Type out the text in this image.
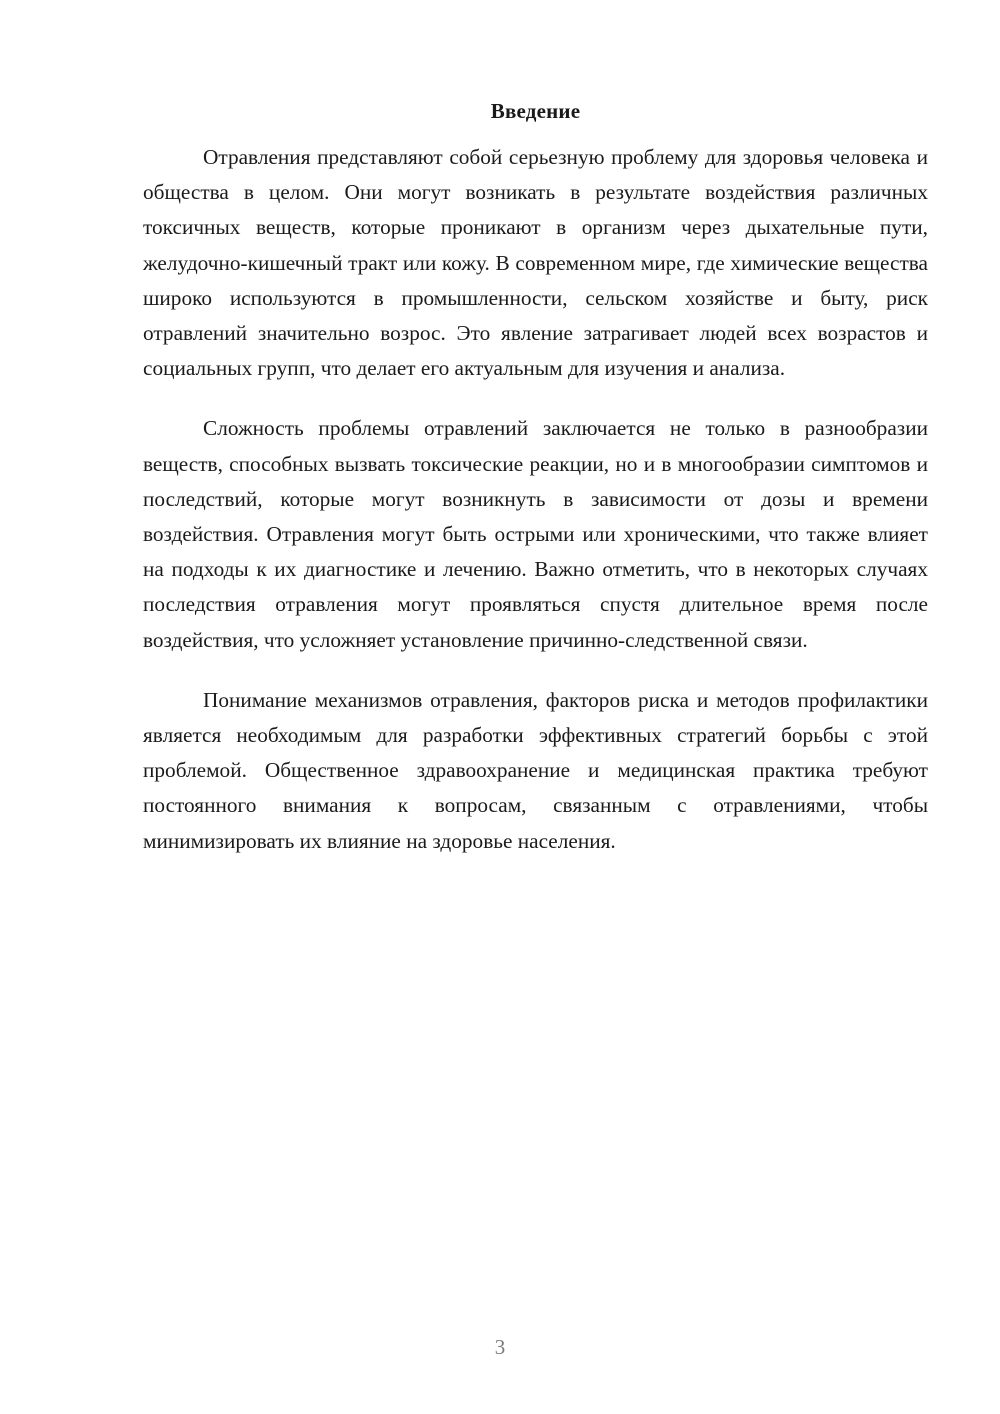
Введение

Отравления представляют собой серьезную проблему для здоровья человека и общества в целом. Они могут возникать в результате воздействия различных токсичных веществ, которые проникают в организм через дыхательные пути, желудочно-кишечный тракт или кожу. В современном мире, где химические вещества широко используются в промышленности, сельском хозяйстве и быту, риск отравлений значительно возрос. Это явление затрагивает людей всех возрастов и социальных групп, что делает его актуальным для изучения и анализа.

Сложность проблемы отравлений заключается не только в разнообразии веществ, способных вызвать токсические реакции, но и в многообразии симптомов и последствий, которые могут возникнуть в зависимости от дозы и времени воздействия. Отравления могут быть острыми или хроническими, что также влияет на подходы к их диагностике и лечению. Важно отметить, что в некоторых случаях последствия отравления могут проявляться спустя длительное время после воздействия, что усложняет установление причинно-следственной связи.

Понимание механизмов отравления, факторов риска и методов профилактики является необходимым для разработки эффективных стратегий борьбы с этой проблемой. Общественное здравоохранение и медицинская практика требуют постоянного внимания к вопросам, связанным с отравлениями, чтобы минимизировать их влияние на здоровье населения.

3
